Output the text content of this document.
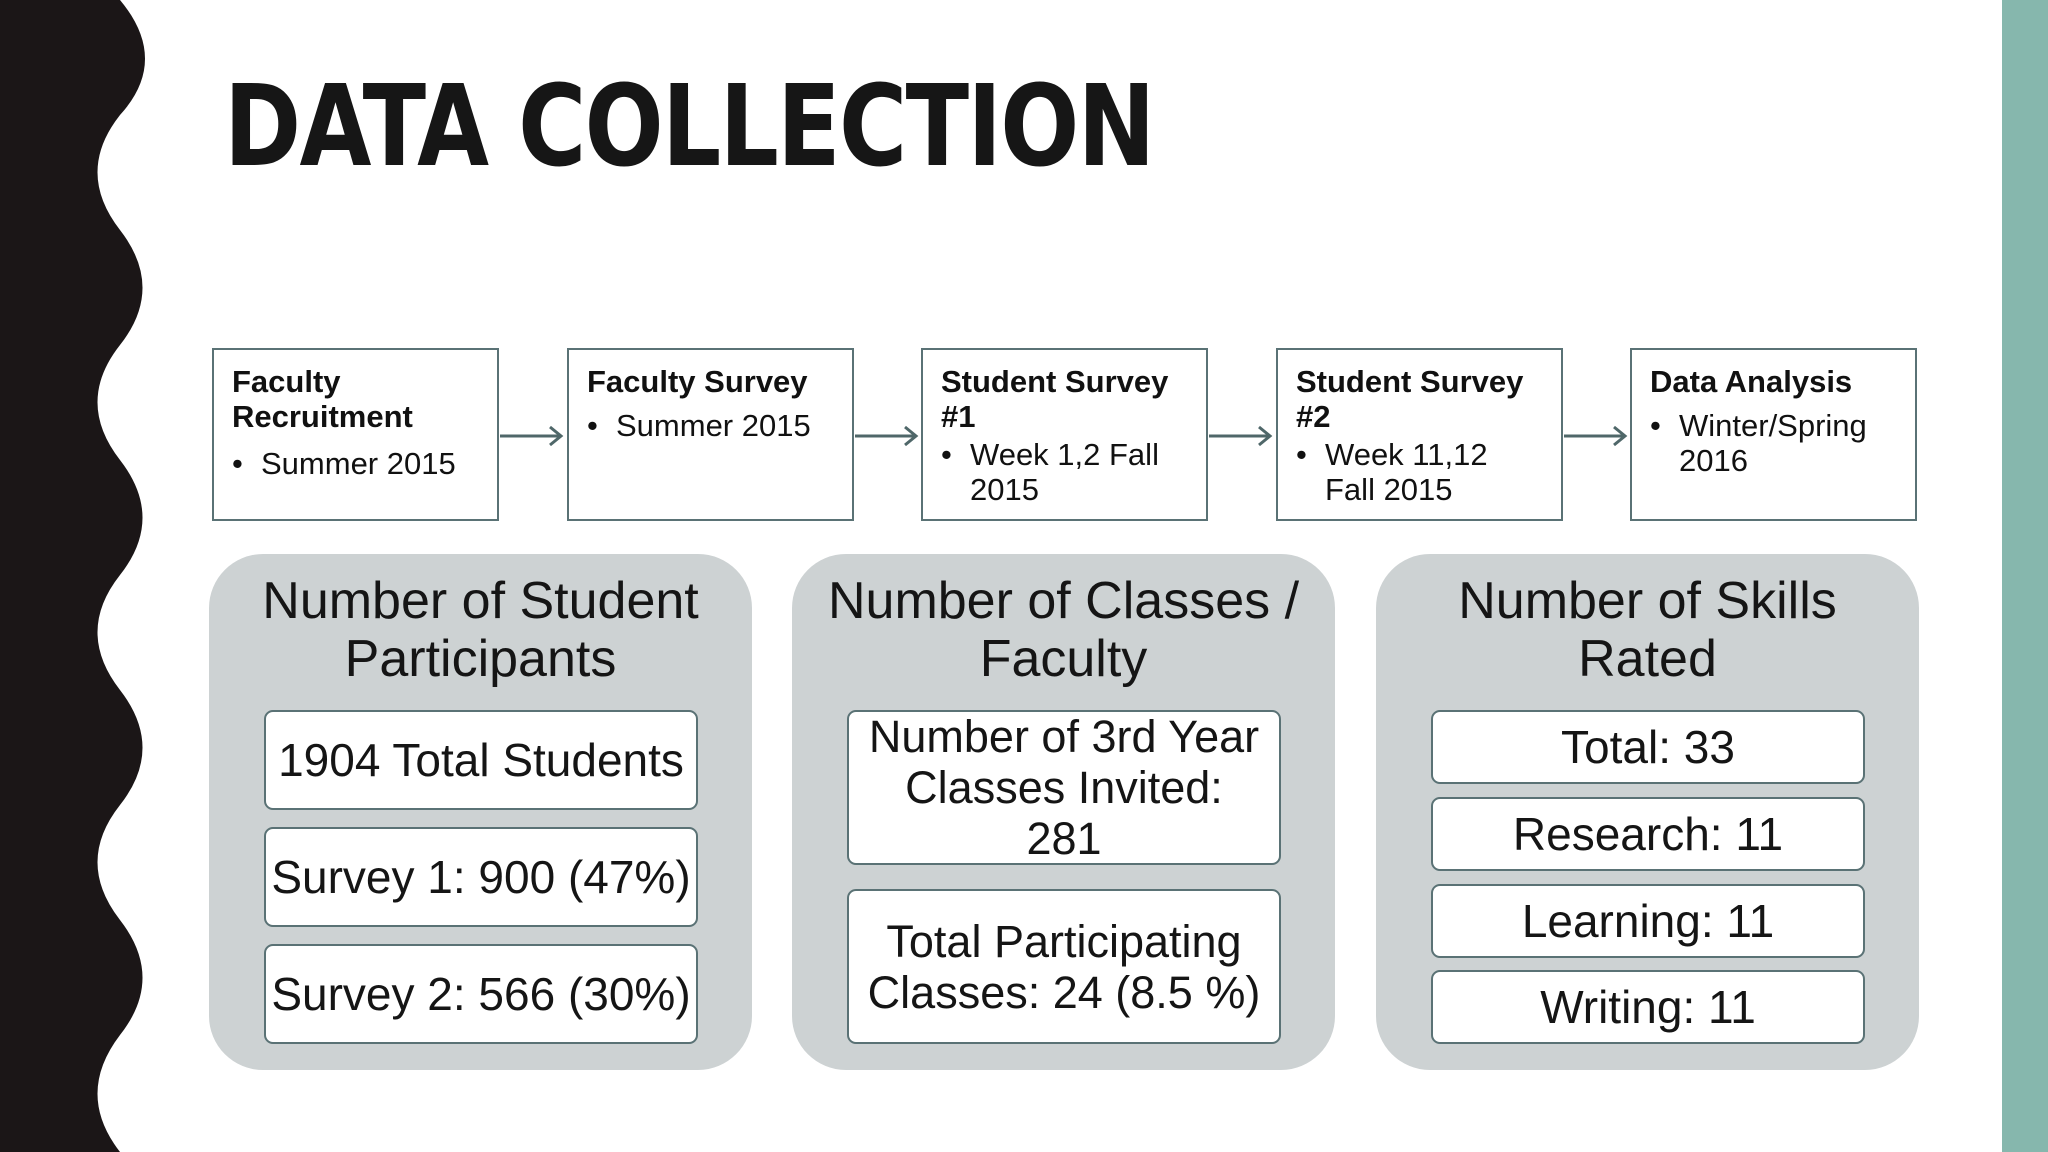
DATA COLLECTION
Faculty Recruitment
• Summer 2015
Faculty Survey
• Summer 2015
Student Survey #1
• Week 1,2 Fall 2015
Student Survey #2
• Week 11,12 Fall 2015
Data Analysis
• Winter/Spring 2016
Number of Student Participants
1904 Total Students
Survey 1: 900 (47%)
Survey 2: 566 (30%)
Number of Classes / Faculty
Number of 3rd Year Classes Invited: 281
Total Participating Classes: 24 (8.5 %)
Number of Skills Rated
Total: 33
Research: 11
Learning: 11
Writing: 11
